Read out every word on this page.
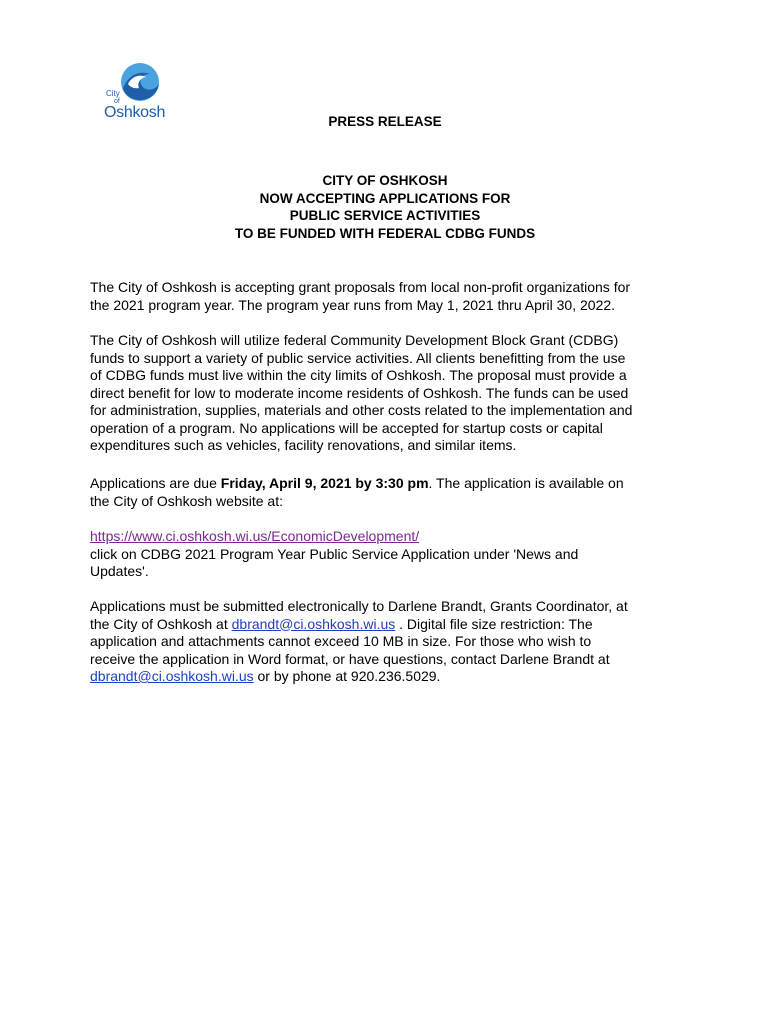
City
of
Oshkosh
PRESS RELEASE
CITY OF OSHKOSH
NOW ACCEPTING APPLICATIONS FOR
PUBLIC SERVICE ACTIVITIES
TO BE FUNDED WITH FEDERAL CDBG FUNDS
The City of Oshkosh is accepting grant proposals from local non-profit organizations for
the 2021 program year. The program year runs from May 1, 2021 thru April 30, 2022.
The City of Oshkosh will utilize federal Community Development Block Grant (CDBG)
funds to support a variety of public service activities. All clients benefitting from the use
of CDBG funds must live within the city limits of Oshkosh. The proposal must provide a
direct benefit for low to moderate income residents of Oshkosh. The funds can be used
for administration, supplies, materials and other costs related to the implementation and
operation of a program. No applications will be accepted for startup costs or capital
expenditures such as vehicles, facility renovations, and similar items.
Applications are due Friday, April 9, 2021 by 3:30 pm. The application is available on
the City of Oshkosh website at:
https://www.ci.oshkosh.wi.us/EconomicDevelopment/
click on CDBG 2021 Program Year Public Service Application under 'News and
Updates'.
Applications must be submitted electronically to Darlene Brandt, Grants Coordinator, at
the City of Oshkosh at dbrandt@ci.oshkosh.wi.us . Digital file size restriction: The
application and attachments cannot exceed 10 MB in size. For those who wish to
receive the application in Word format, or have questions, contact Darlene Brandt at
dbrandt@ci.oshkosh.wi.us or by phone at 920.236.5029.
